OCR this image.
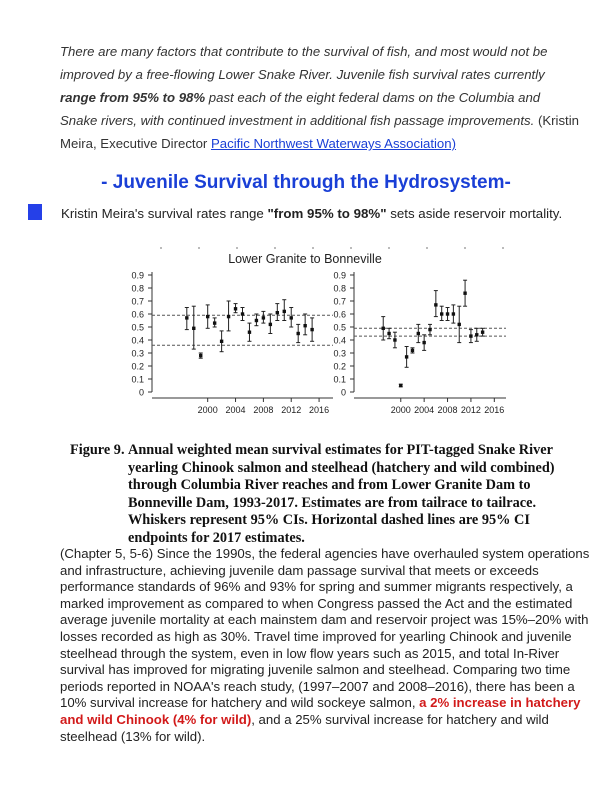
There are many factors that contribute to the survival of fish, and most would not be improved by a free-flowing Lower Snake River. Juvenile fish survival rates currently range from 95% to 98% past each of the eight federal dams on the Columbia and Snake rivers, with continued investment in additional fish passage improvements. (Kristin Meira, Executive Director Pacific Northwest Waterways Association)
- Juvenile Survival through the Hydrosystem-
Kristin Meira's survival rates range "from 95% to 98%" sets aside reservoir mortality.
Lower Granite to Bonneville
0
0.1
0.2
0.3
0.4
0.5
0.6
0.7
0.8
0.9
2000 2004 2008 2012 2016
0
0.1
0.2
0.3
0.4
0.5
0.6
0.7
0.8
0.9
2000 2004 2008 2012 2016
Figure 9. Annual weighted mean survival estimates for PIT-tagged Snake River yearling Chinook salmon and steelhead (hatchery and wild combined) through Columbia River reaches and from Lower Granite Dam to Bonneville Dam, 1993-2017. Estimates are from tailrace to tailrace. Whiskers represent 95% CIs. Horizontal dashed lines are 95% CI endpoints for 2017 estimates.
(Chapter 5, 5-6) Since the 1990s, the federal agencies have overhauled system operations and infrastructure, achieving juvenile dam passage survival that meets or exceeds performance standards of 96% and 93% for spring and summer migrants respectively, a marked improvement as compared to when Congress passed the Act and the estimated average juvenile mortality at each mainstem dam and reservoir project was 15%–20% with losses recorded as high as 30%. Travel time improved for yearling Chinook and juvenile steelhead through the system, even in low flow years such as 2015, and total In-River survival has improved for migrating juvenile salmon and steelhead. Comparing two time periods reported in NOAA's reach study, (1997–2007 and 2008–2016), there has been a 10% survival increase for hatchery and wild sockeye salmon, a 2% increase in hatchery and wild Chinook (4% for wild), and a 25% survival increase for hatchery and wild steelhead (13% for wild).
